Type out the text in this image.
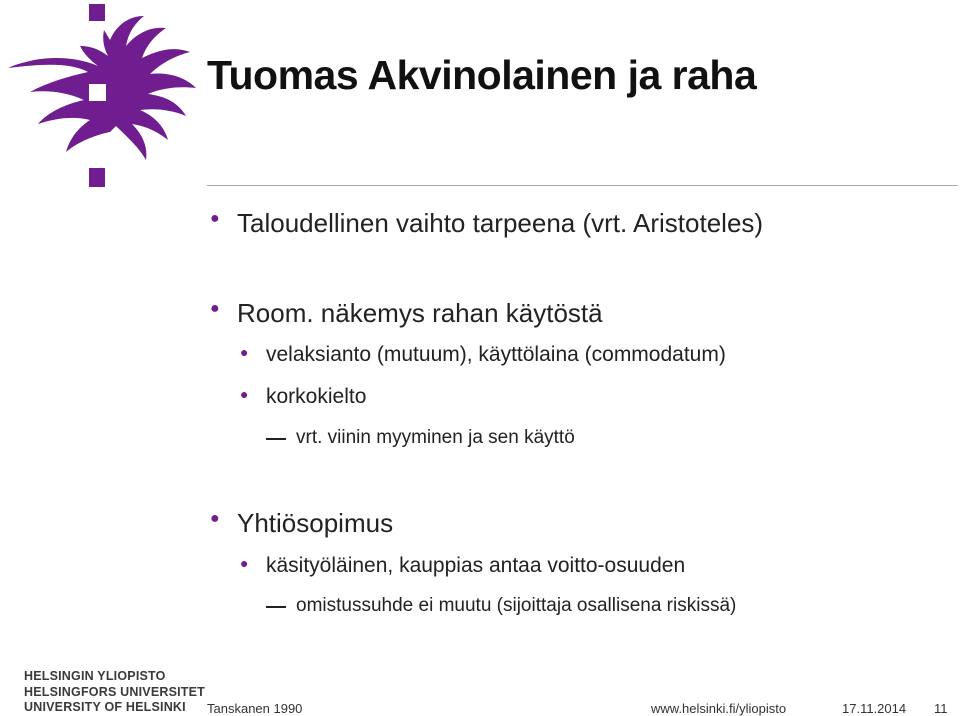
Tuomas Akvinolainen ja raha
● Taloudellinen vaihto tarpeena (vrt. Aristoteles)
● Room. näkemys rahan käytöstä
● velaksianto (mutuum), käyttölaina (commodatum)
● korkokielto
vrt. viinin myyminen ja sen käyttö
● Yhtiösopimus
● käsityöläinen, kauppias antaa voitto-osuuden
omistussuhde ei muutu (sijoittaja osallisena riskissä)
HELSINGIN YLIOPISTO
HELSINGFORS UNIVERSITET
UNIVERSITY OF HELSINKI	Tanskanen 1990	www.helsinki.fi/yliopisto	17.11.2014 11
